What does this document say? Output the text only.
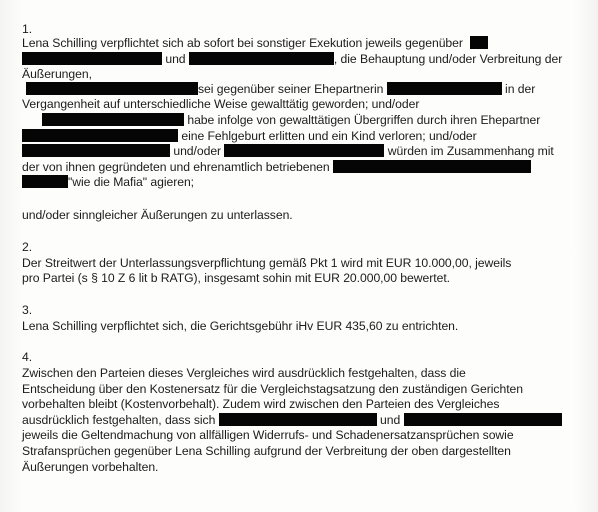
1.
Lena Schilling verpflichtet sich ab sofort bei sonstiger Exekution jeweils gegenüber
und	, die Behauptung und/oder Verbreitung der
Äußerungen,
sei gegenüber seiner Ehepartnerin	in der
Vergangenheit auf unterschiedliche Weise gewalttätig geworden; und/oder
habe infolge von gewalttätigen Übergriffen durch ihren Ehepartner
eine Fehlgeburt erlitten und ein Kind verloren; und/oder
und/oder	würden im Zusammenhang mit
der von ihnen gegründeten und ehrenamtlich betriebenen
"wie die Mafia" agieren;
und/oder sinngleicher Äußerungen zu unterlassen.
2.
Der Streitwert der Unterlassungsverpflichtung gemäß Pkt 1 wird mit EUR 10.000,00, jeweils
pro Partei (s § 10 Z 6 lit b RATG), insgesamt sohin mit EUR 20.000,00 bewertet.
3.
Lena Schilling verpflichtet sich, die Gerichtsgebühr iHv EUR 435,60 zu entrichten.
4.
Zwischen den Parteien dieses Vergleiches wird ausdrücklich festgehalten, dass die
Entscheidung über den Kostenersatz für die Vergleichstagsatzung den zuständigen Gerichten
vorbehalten bleibt (Kostenvorbehalt). Zudem wird zwischen den Parteien des Vergleiches
ausdrücklich festgehalten, dass sich	und
jeweils die Geltendmachung von allfälligen Widerrufs- und Schadenersatzansprüchen sowie
Strafansprüchen gegenüber Lena Schilling aufgrund der Verbreitung der oben dargestellten
Äußerungen vorbehalten.
